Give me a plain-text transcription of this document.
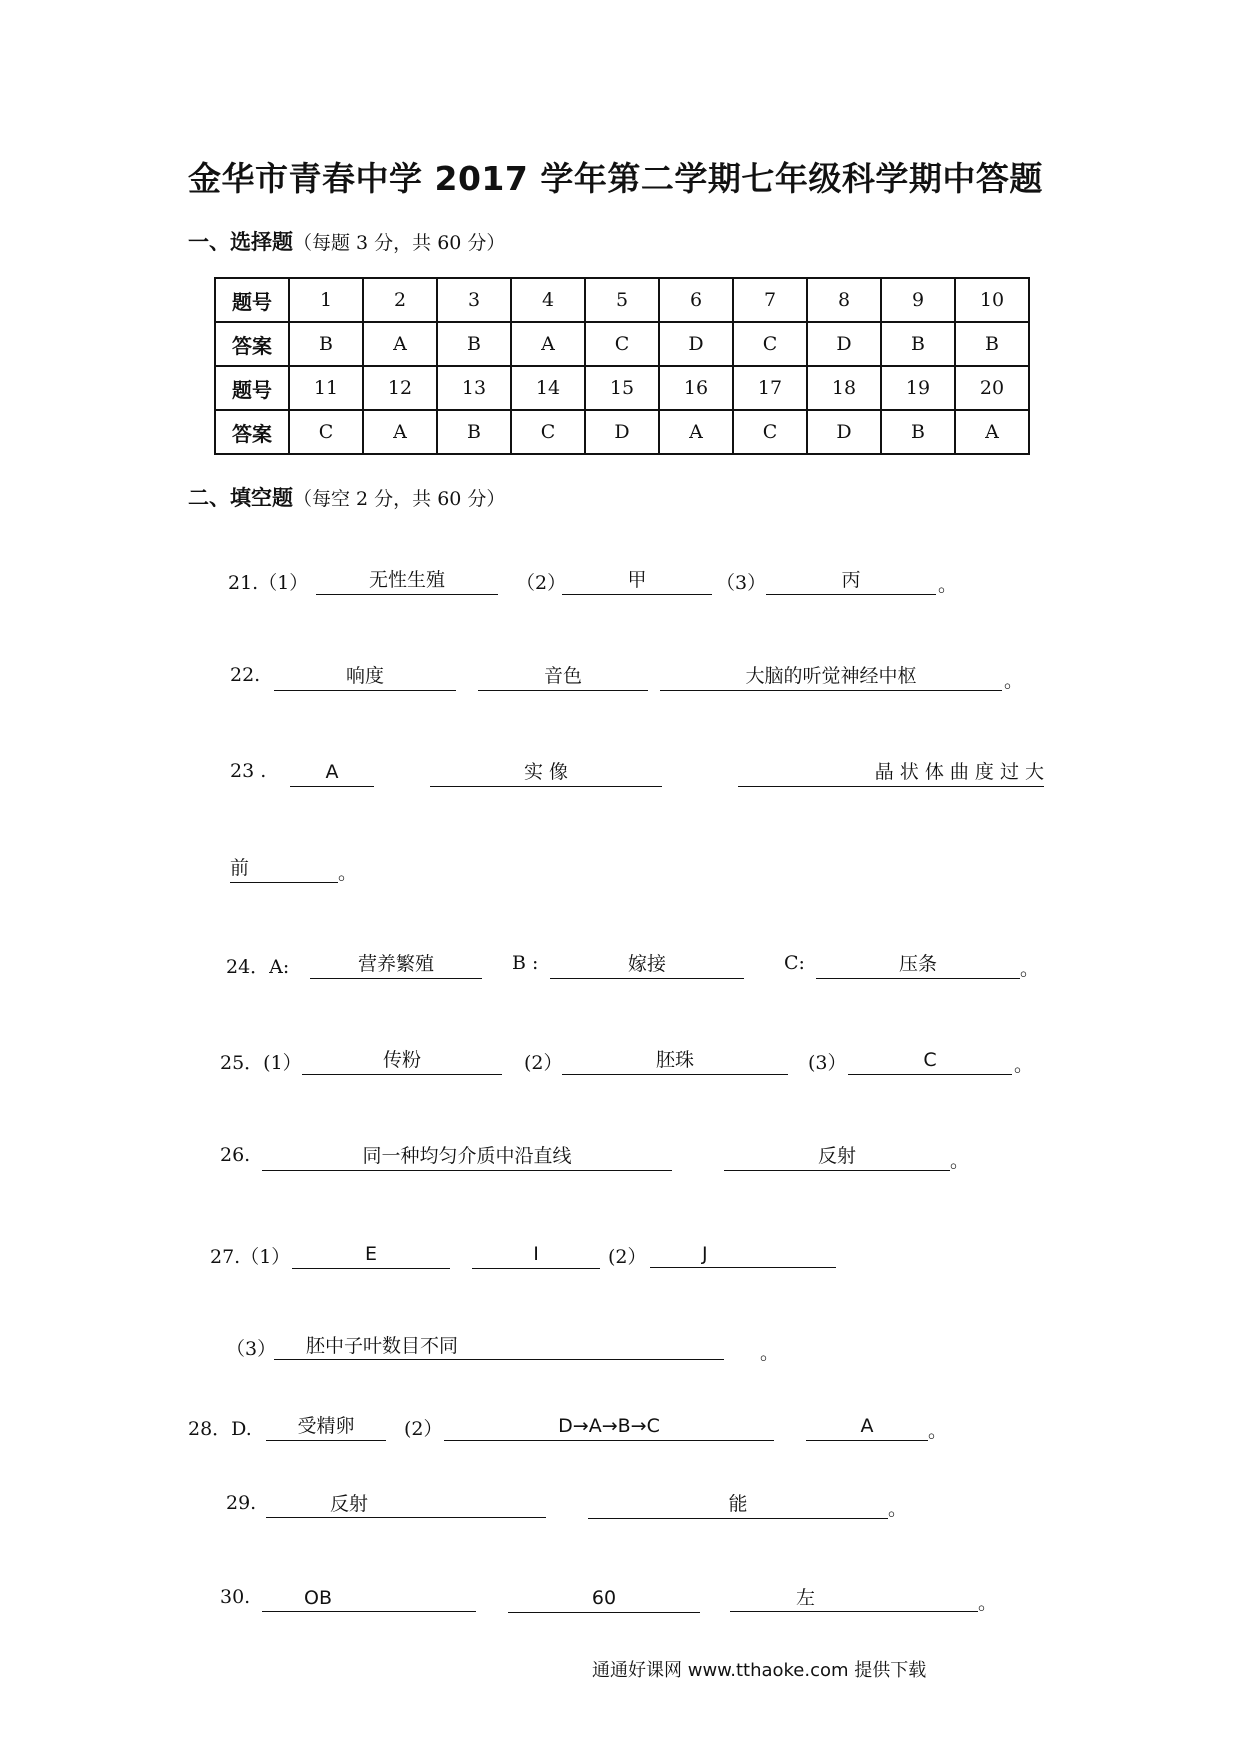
金华市青春中学 2017 学年第二学期七年级科学期中答题
一、选择题（每题 3 分，共 60 分）
题号	1	2	3	4	5	6	7	8	9	10
答案	B	A	B	A	C	D	C	D	B	B
题号	11	12	13	14	15	16	17	18	19	20
答案	C	A	B	C	D	A	C	D	B	A
二、填空题（每空 2 分，共 60 分）
21.（1）	无性生殖	（2）	甲	（3）	丙	。
22.	响度	音色	大脑的听觉神经中枢	。
23 .	A	实 像	晶 状 体 曲 度 过 大
前	。
24．A:	营养繁殖	B :	嫁接	C:	压条	。
25．(1）	传粉	(2）	胚珠	(3）	C	。
26.	同一种均匀介质中沿直线	反射	。
27.（1）	E	I	(2）	J
（3）	胚中子叶数目不同	。
28．D.	受精卵	(2）	D→A→B→C	A	。
29.	反射	能	。
30.	OB	60	左	。
通通好课网 www.tthaoke.com 提供下载
